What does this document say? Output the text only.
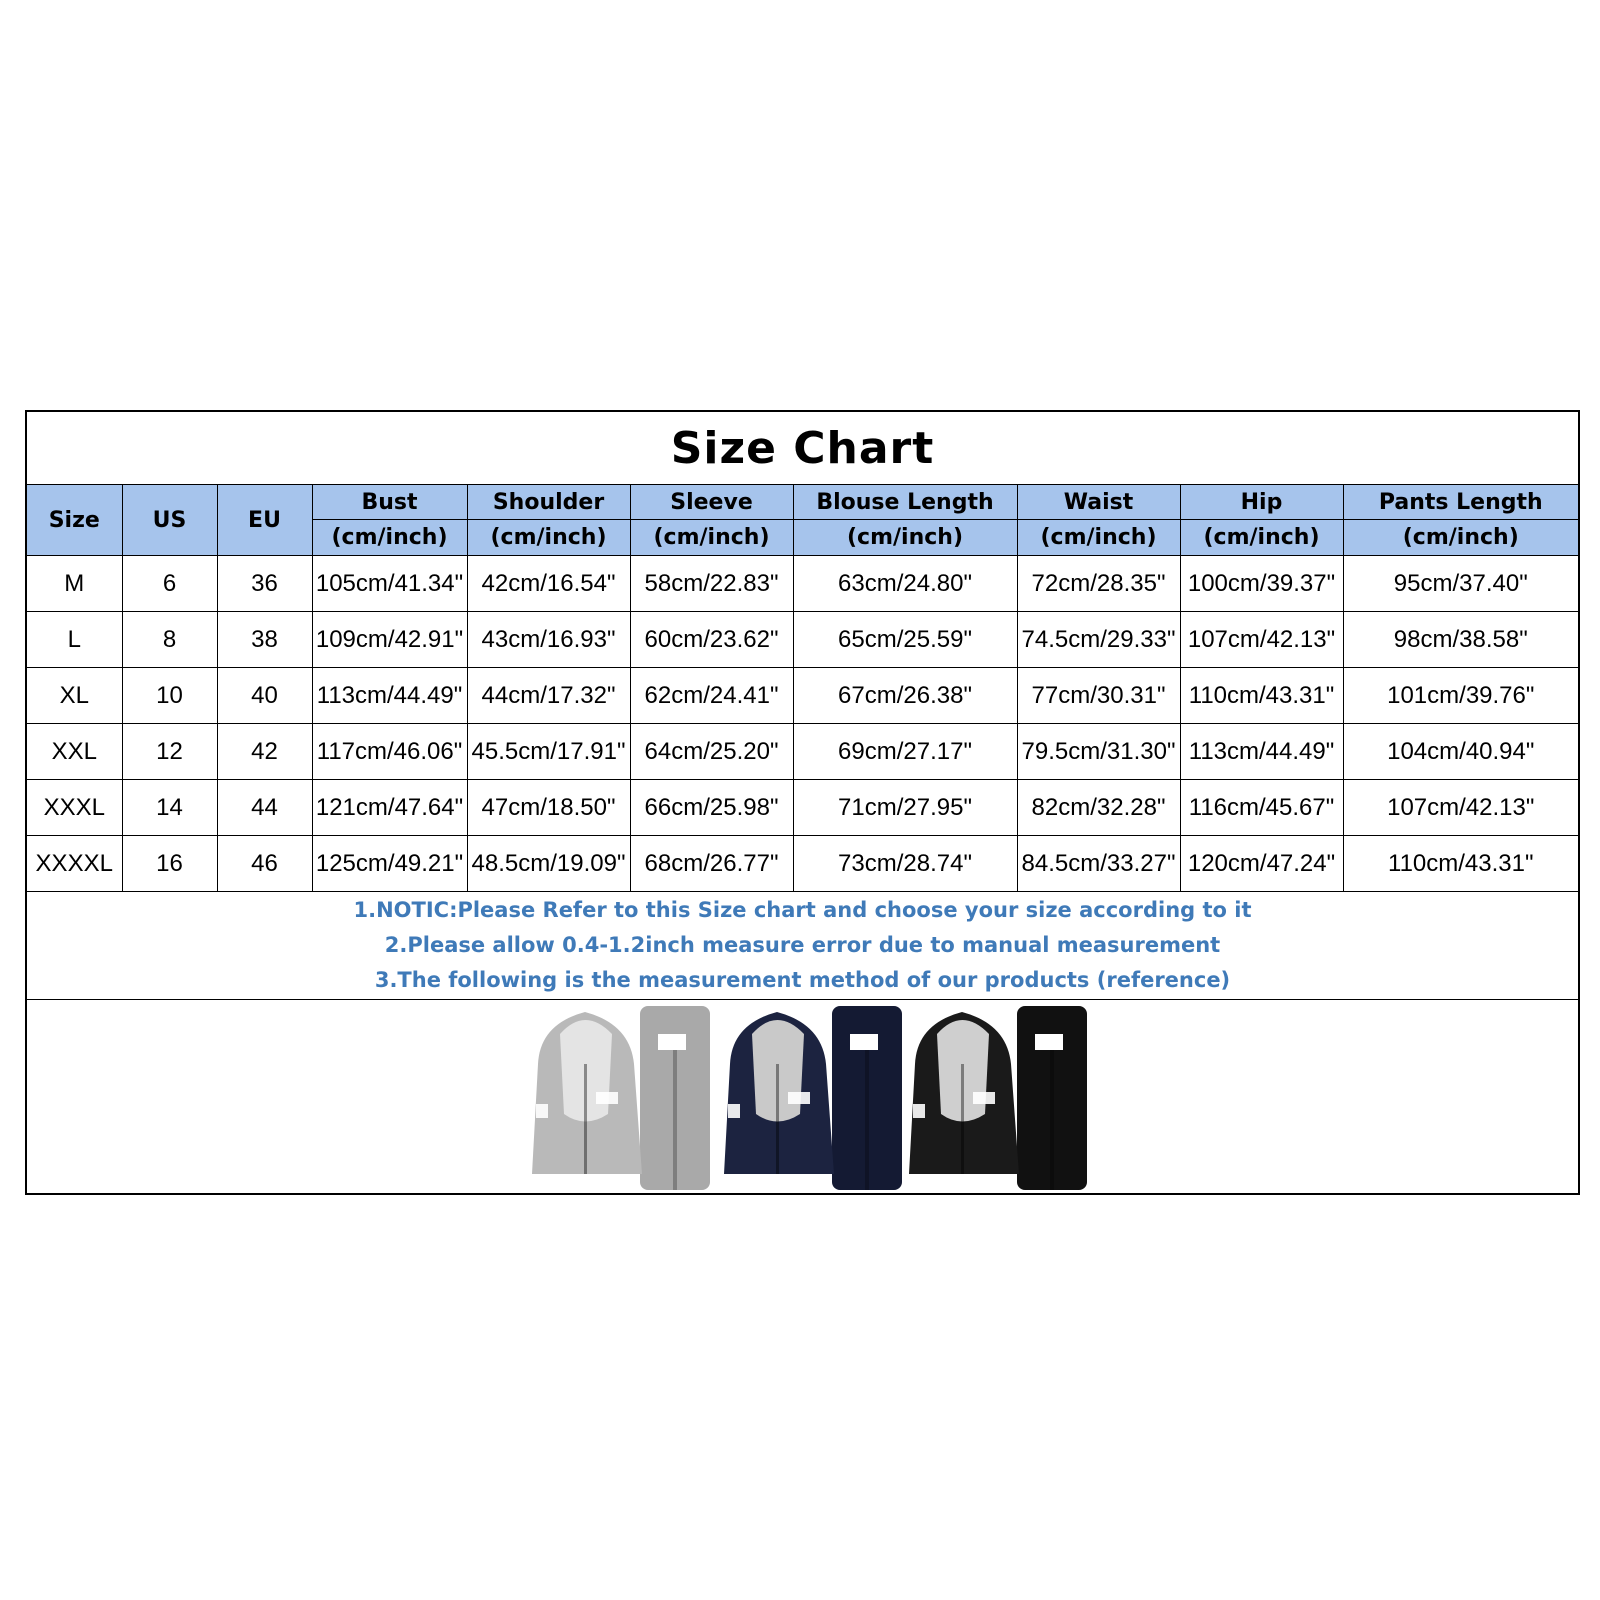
Size Chart
Size	US	EU	Bust	Shoulder	Sleeve	Blouse Length	Waist	Hip	Pants Length
			(cm/inch)	(cm/inch)	(cm/inch)	(cm/inch)	(cm/inch)	(cm/inch)	(cm/inch)
M	6	36	105cm/41.34"	42cm/16.54"	58cm/22.83"	63cm/24.80"	72cm/28.35"	100cm/39.37"	95cm/37.40"
L	8	38	109cm/42.91"	43cm/16.93"	60cm/23.62"	65cm/25.59"	74.5cm/29.33"	107cm/42.13"	98cm/38.58"
XL	10	40	113cm/44.49"	44cm/17.32"	62cm/24.41"	67cm/26.38"	77cm/30.31"	110cm/43.31"	101cm/39.76"
XXL	12	42	117cm/46.06"	45.5cm/17.91"	64cm/25.20"	69cm/27.17"	79.5cm/31.30"	113cm/44.49"	104cm/40.94"
XXXL	14	44	121cm/47.64"	47cm/18.50"	66cm/25.98"	71cm/27.95"	82cm/32.28"	116cm/45.67"	107cm/42.13"
XXXXL	16	46	125cm/49.21"	48.5cm/19.09"	68cm/26.77"	73cm/28.74"	84.5cm/33.27"	120cm/47.24"	110cm/43.31"
1.NOTIC:Please Refer to this Size chart and choose your size according to it
2.Please allow 0.4-1.2inch measure error due to manual measurement
3.The following is the measurement method of our products (reference)
